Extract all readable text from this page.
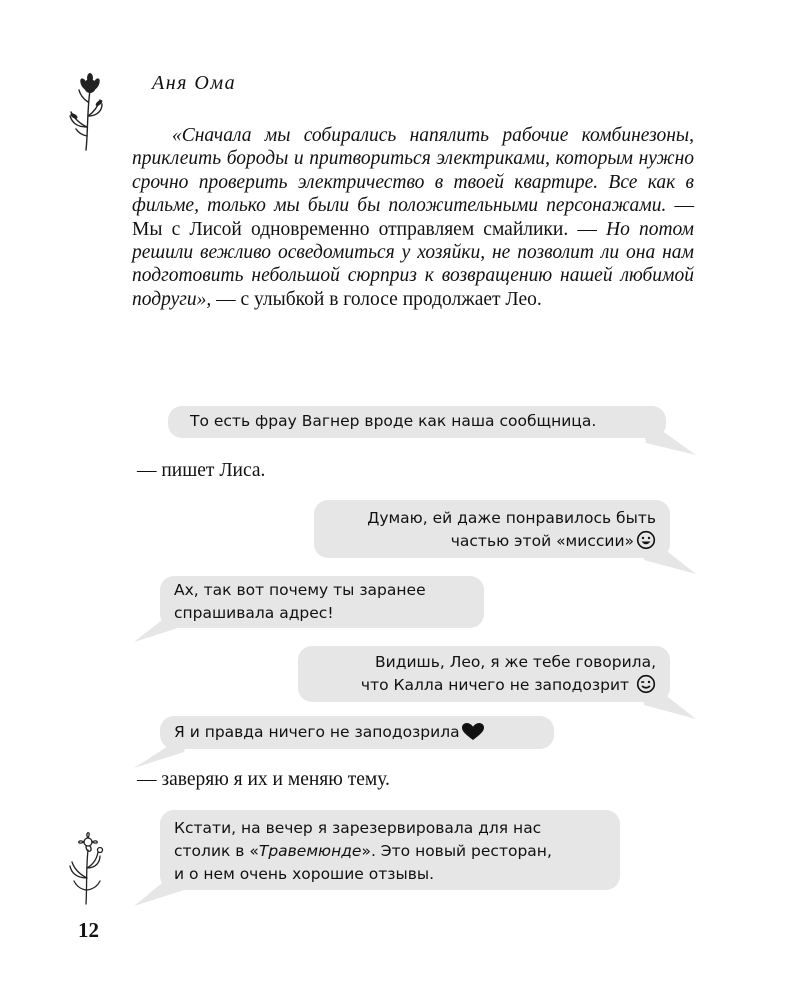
Аня Ома

«Сначала мы собирались напялить рабочие комбинезоны, приклеить бороды и притвориться электриками, которым нужно срочно проверить электричество в твоей квартире. Все как в фильме, только мы были бы положительными персонажами. — Мы с Лисой одновременно отправляем смайлики. — Но потом решили вежливо осведомиться у хозяйки, не позволит ли она нам подготовить небольшой сюрприз к возвращению нашей любимой подруги», — с улыбкой в голосе продолжает Лео.

То есть фрау Вагнер вроде как наша сообщница.
— пишет Лиса.
Думаю, ей даже понравилось быть
частью этой «миссии»
Ах, так вот почему ты заранее
спрашивала адрес!
Видишь, Лео, я же тебе говорила,
что Калла ничего не заподозрит
Я и правда ничего не заподозрила
— заверяю я их и меняю тему.
Кстати, на вечер я зарезервировала для нас
столик в «Травемюнде». Это новый ресторан,
и о нем очень хорошие отзывы.
12
